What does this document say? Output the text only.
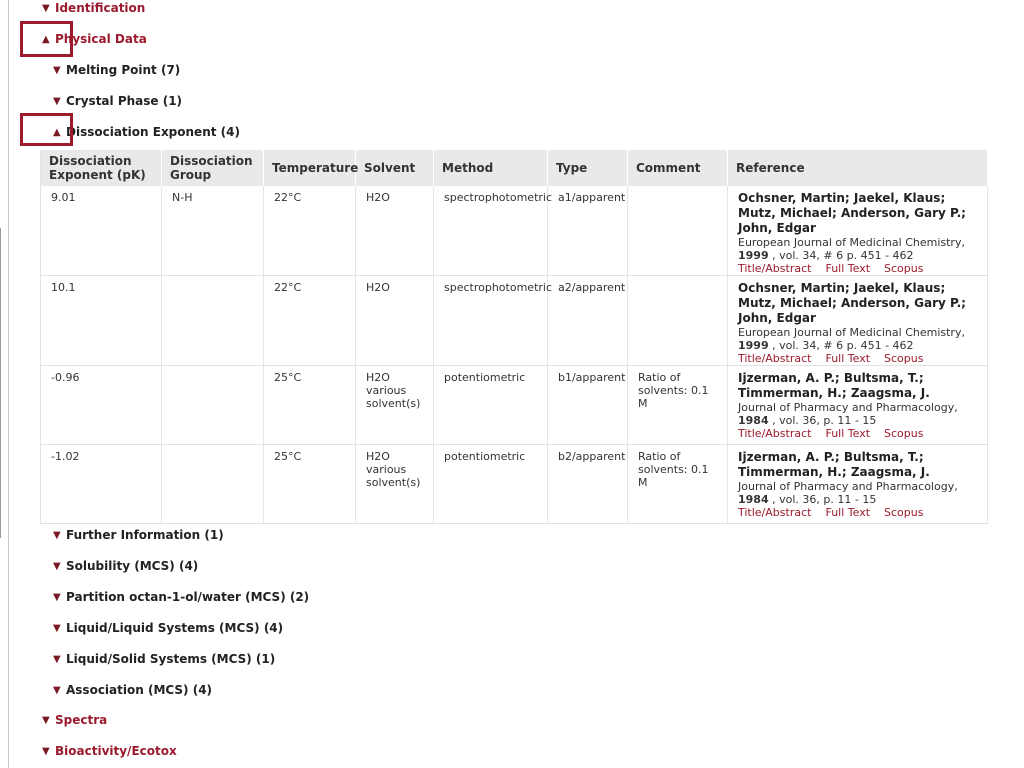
▼ Identification
▲ Physical Data
▼ Melting Point (7)
▼ Crystal Phase (1)
▲ Dissociation Exponent (4)
Dissociation Exponent (pK)	Dissociation Group	Temperature	Solvent	Method	Type	Comment	Reference
9.01	N-H	22°C	H2O	spectrophotometric	a1/apparent		Ochsner, Martin; Jaekel, Klaus; Mutz, Michael; Anderson, Gary P.; John, Edgar
European Journal of Medicinal Chemistry,
1999 , vol. 34, # 6 p. 451 - 462
Title/Abstract Full Text Scopus

10.1		22°C	H2O	spectrophotometric	a2/apparent		Ochsner, Martin; Jaekel, Klaus; Mutz, Michael; Anderson, Gary P.; John, Edgar
European Journal of Medicinal Chemistry,
1999 , vol. 34, # 6 p. 451 - 462
Title/Abstract Full Text Scopus

-0.96		25°C	H2O various solvent(s)	potentiometric	b1/apparent	Ratio of solvents: 0.1 M	Ijzerman, A. P.; Bultsma, T.; Timmerman, H.; Zaagsma, J.
Journal of Pharmacy and Pharmacology,
1984 , vol. 36, p. 11 - 15
Title/Abstract Full Text Scopus

-1.02		25°C	H2O various solvent(s)	potentiometric	b2/apparent	Ratio of solvents: 0.1 M	Ijzerman, A. P.; Bultsma, T.; Timmerman, H.; Zaagsma, J.
Journal of Pharmacy and Pharmacology,
1984 , vol. 36, p. 11 - 15
Title/Abstract Full Text Scopus
▼ Further Information (1)
▼ Solubility (MCS) (4)
▼ Partition octan-1-ol/water (MCS) (2)
▼ Liquid/Liquid Systems (MCS) (4)
▼ Liquid/Solid Systems (MCS) (1)
▼ Association (MCS) (4)
▼ Spectra
▼ Bioactivity/Ecotox
